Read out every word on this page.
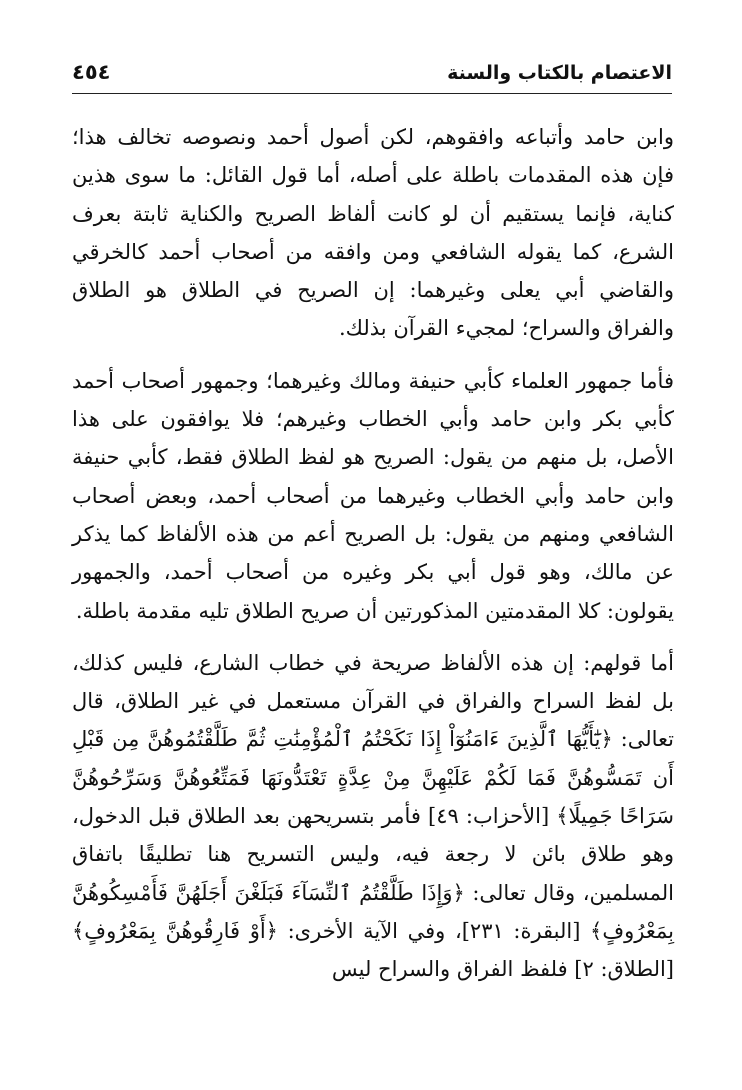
الاعتصام بالكتاب والسنة
٤٥٤

وابن حامد وأتباعه وافقوهم، لكن أصول أحمد ونصوصه تخالف هذا؛ فإن هذه المقدمات باطلة على أصله، أما قول القائل: ما سوى هذين كناية، فإنما يستقيم أن لو كانت ألفاظ الصريح والكناية ثابتة بعرف الشرع، كما يقوله الشافعي ومن وافقه من أصحاب أحمد كالخرقي والقاضي أبي يعلى وغيرهما: إن الصريح في الطلاق هو الطلاق والفراق والسراح؛ لمجيء القرآن بذلك.

فأما جمهور العلماء كأبي حنيفة ومالك وغيرهما؛ وجمهور أصحاب أحمد كأبي بكر وابن حامد وأبي الخطاب وغيرهم؛ فلا يوافقون على هذا الأصل، بل منهم من يقول: الصريح هو لفظ الطلاق فقط، كأبي حنيفة وابن حامد وأبي الخطاب وغيرهما من أصحاب أحمد، وبعض أصحاب الشافعي ومنهم من يقول: بل الصريح أعم من هذه الألفاظ كما يذكر عن مالك، وهو قول أبي بكر وغيره من أصحاب أحمد، والجمهور يقولون: كلا المقدمتين المذكورتين أن صريح الطلاق تليه مقدمة باطلة.

أما قولهم: إن هذه الألفاظ صريحة في خطاب الشارع، فليس كذلك، بل لفظ السراح والفراق في القرآن مستعمل في غير الطلاق، قال تعالى: ﴿يَٰٓأَيُّهَا ٱلَّذِينَ ءَامَنُوٓاْ إِذَا نَكَحْتُمُ ٱلْمُؤْمِنَٰتِ ثُمَّ طَلَّقْتُمُوهُنَّ مِن قَبْلِ أَن تَمَسُّوهُنَّ فَمَا لَكُمْ عَلَيْهِنَّ مِنْ عِدَّةٍ تَعْتَدُّونَهَا فَمَتِّعُوهُنَّ وَسَرِّحُوهُنَّ سَرَاحًا جَمِيلًا﴾ [الأحزاب: ٤٩] فأمر بتسريحهن بعد الطلاق قبل الدخول، وهو طلاق بائن لا رجعة فيه، وليس التسريح هنا تطليقًا باتفاق المسلمين، وقال تعالى: ﴿وَإِذَا طَلَّقْتُمُ ٱلنِّسَآءَ فَبَلَغْنَ أَجَلَهُنَّ فَأَمْسِكُوهُنَّ بِمَعْرُوفٍ﴾ [البقرة: ٢٣١]، وفي الآية الأخرى: ﴿أَوْ فَارِقُوهُنَّ بِمَعْرُوفٍ﴾ [الطلاق: ٢] فلفظ الفراق والسراح ليس
